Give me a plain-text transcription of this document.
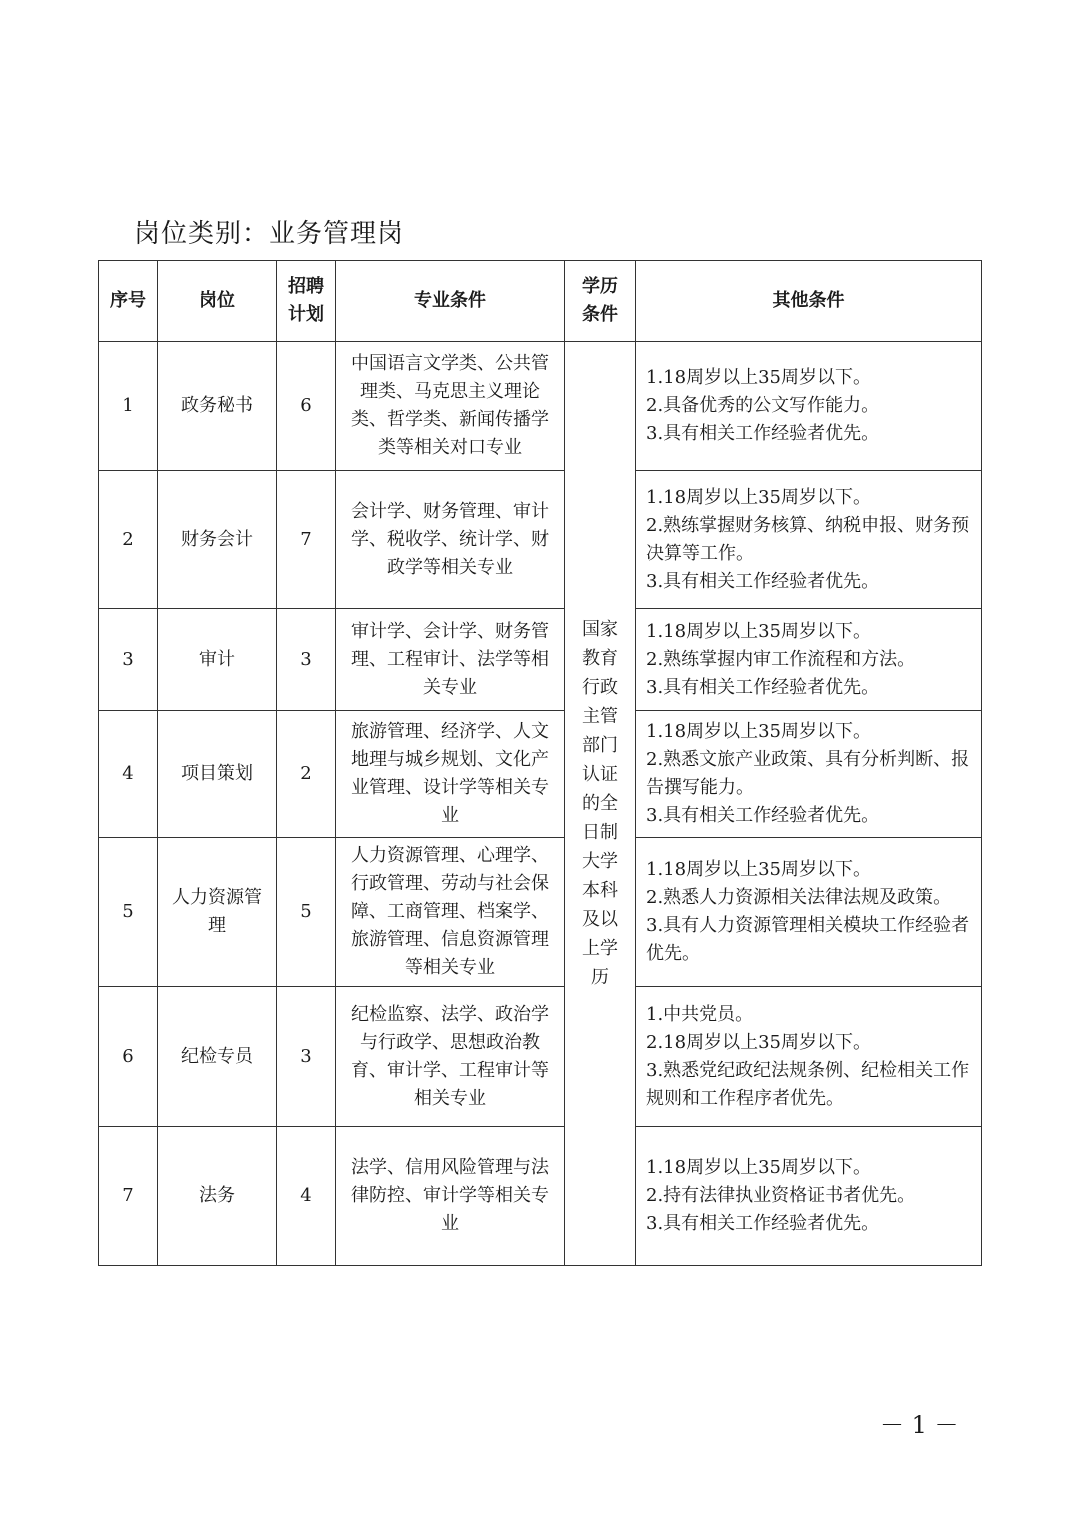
岗位类别：业务管理岗
序号	岗位	招聘计划	专业条件	学历条件	其他条件
1	政务秘书	6	中国语言文学类、公共管理类、马克思主义理论类、哲学类、新闻传播学类等相关对口专业	国家教育行政主管部门认证的全日制大学本科及以上学历	1.18周岁以上35周岁以下。
2.具备优秀的公文写作能力。
3.具有相关工作经验者优先。

2	财务会计	7	会计学、财务管理、审计学、税收学、统计学、财政学等相关专业		1.18周岁以上35周岁以下。
2.熟练掌握财务核算、纳税申报、财务预决算等工作。
3.具有相关工作经验者优先。

3	审计	3	审计学、会计学、财务管理、工程审计、法学等相关专业		1.18周岁以上35周岁以下。
2.熟练掌握内审工作流程和方法。
3.具有相关工作经验者优先。

4	项目策划	2	旅游管理、经济学、人文地理与城乡规划、文化产业管理、设计学等相关专业		1.18周岁以上35周岁以下。
2.熟悉文旅产业政策、具有分析判断、报告撰写能力。
3.具有相关工作经验者优先。

5	人力资源管理	5	人力资源管理、心理学、行政管理、劳动与社会保障、工商管理、档案学、旅游管理、信息资源管理等相关专业		1.18周岁以上35周岁以下。
2.熟悉人力资源相关法律法规及政策。
3.具有人力资源管理相关模块工作经验者优先。

6	纪检专员	3	纪检监察、法学、政治学与行政学、思想政治教育、审计学、工程审计等相关专业		1.中共党员。
2.18周岁以上35周岁以下。
3.熟悉党纪政纪法规条例、纪检相关工作规则和工作程序者优先。

7	法务	4	法学、信用风险管理与法律防控、审计学等相关专业		1.18周岁以上35周岁以下。
2.持有法律执业资格证书者优先。
3.具有相关工作经验者优先。
－ 1 －
